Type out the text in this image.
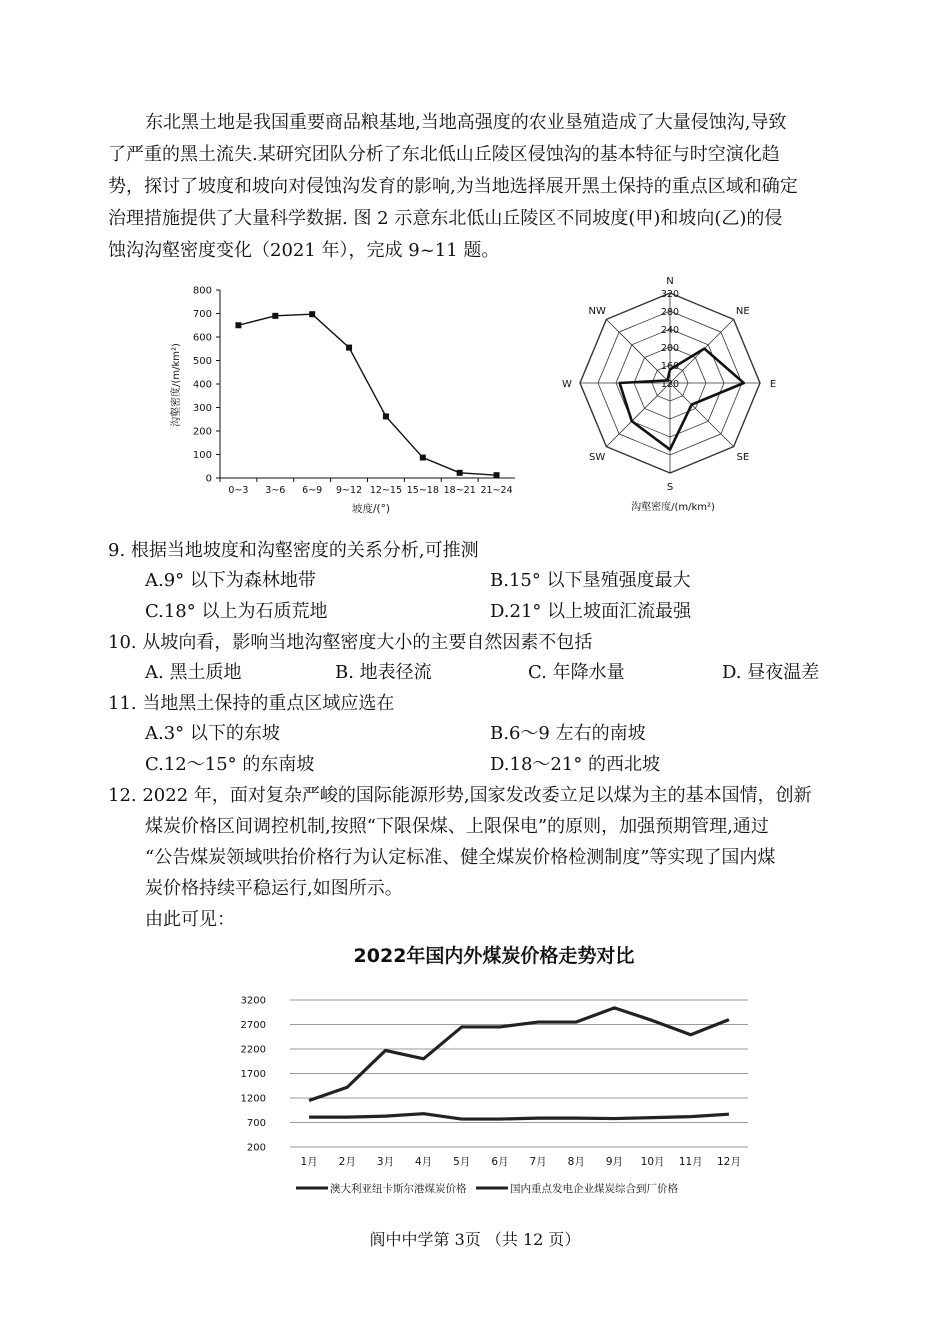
东北黑土地是我国重要商品粮基地,当地高强度的农业垦殖造成了大量侵蚀沟,导致

了严重的黑土流失.某研究团队分析了东北低山丘陵区侵蚀沟的基本特征与时空演化趋

势，探讨了坡度和坡向对侵蚀沟发育的影响,为当地选择展开黑土保持的重点区域和确定

治理措施提供了大量科学数据. 图 2 示意东北低山丘陵区不同坡度(甲)和坡向(乙)的侵

蚀沟沟壑密度变化（2021 年），完成 9~11 题。

0
100
200
300
400
500
600
700
800
0~3 3~6 6~9 9~12 12~15 15~18 18~21 21~24
沟壑密度/(m/km²)
坡度/(°)
N
NE
E
SE
S
SW
W
NW
120
160
200
240
280
320
沟壑密度/(m/km²)

9. 根据当地坡度和沟壑密度的关系分析,可推测

A.9° 以下为森林地带	B.15° 以下垦殖强度最大

C.18° 以上为石质荒地	D.21° 以上坡面汇流最强

10. 从坡向看，影响当地沟壑密度大小的主要自然因素不包括

A. 黑土质地	B. 地表径流	C. 年降水量	D. 昼夜温差

11. 当地黑土保持的重点区域应选在

A.3° 以下的东坡	B.6～9 左右的南坡

C.12～15° 的东南坡	D.18～21° 的西北坡

12. 2022 年，面对复杂严峻的国际能源形势,国家发改委立足以煤为主的基本国情，创新

煤炭价格区间调控机制,按照“下限保煤、上限保电”的原则，加强预期管理,通过

“公告煤炭领域哄抬价格行为认定标准、健全煤炭价格检测制度”等实现了国内煤

炭价格持续平稳运行,如图所示。

由此可见：

2022年国内外煤炭价格走势对比
200
700
1200
1700
2200
2700
3200
1月 2月 3月 4月 5月 6月 7月 8月 9月 10月 11月 12月
澳大利亚纽卡斯尔港煤炭价格	国内重点发电企业煤炭综合到厂价格

阆中中学第 3页 （共 12 页）
